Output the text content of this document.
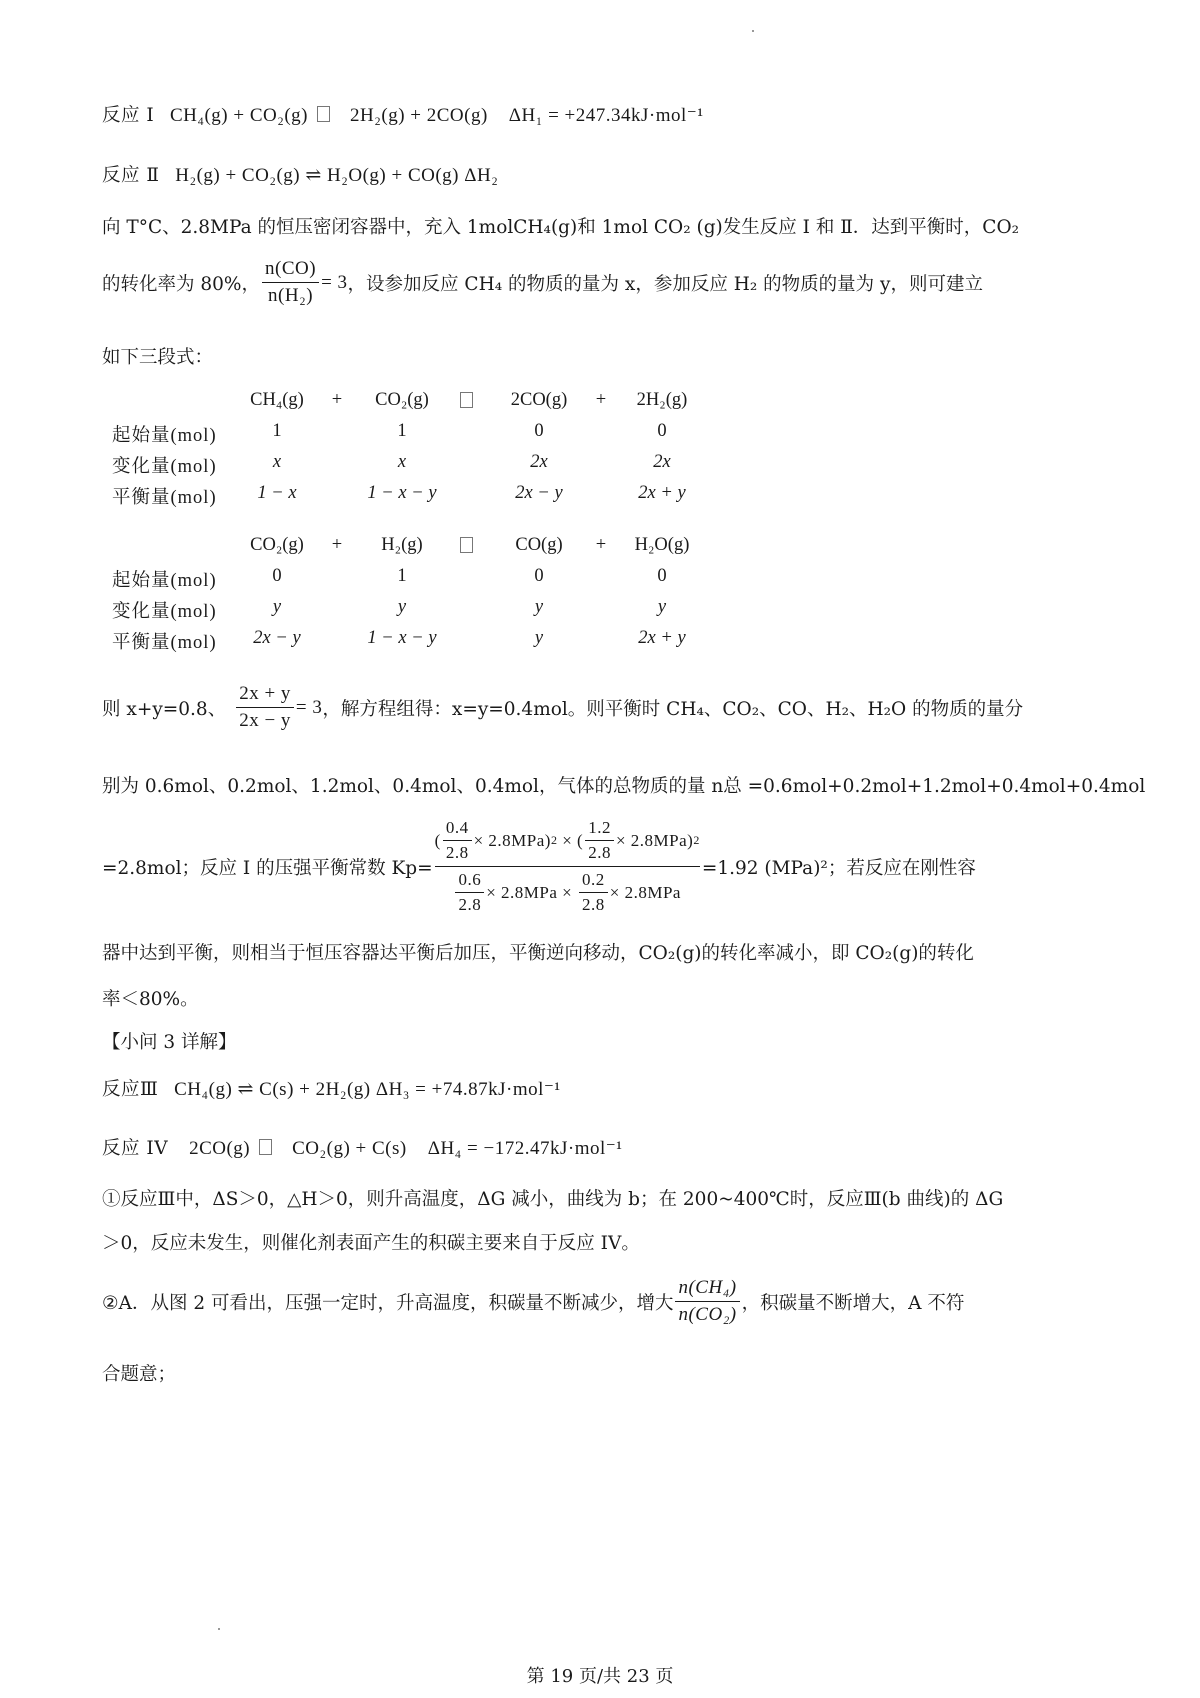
反应 I CH₄(g) + CO₂(g) 2H₂(g) + 2CO(g) ΔH₁ = +247.34kJ·mol⁻¹
反应 Ⅱ H₂(g) + CO₂(g) ⇌ H₂O(g) + CO(g) ΔH₂
向 T°C、2.8MPa 的恒压密闭容器中，充入 1molCH₄(g)和 1mol CO₂ (g)发生反应 I 和 Ⅱ．达到平衡时，CO₂
的转化率为 80%， $\frac{n(CO)}{\text{n(H₂)}} = 3$ ，设参加反应 CH₄ 的物质的量为 x，参加反应 H₂ 的物质的量为 y，则可建立
如下三段式：
CH₄(g)	+	CO₂(g)	2CO(g)	+	2H₂(g)
起始量(mol)	1	1	0	0
变化量(mol)	x	x	2x	2x
平衡量(mol)	1 − x	1 − x − y	2x − y	2x + y
CO₂(g)	+	H₂(g)	CO(g)	+	H₂O(g)
起始量(mol)	0	1	0	0
变化量(mol)	y	y	y	y
平衡量(mol)	2x − y	1 − x − y	y	2x + y
则 x+y=0.8、 $\frac{2x + y}{2x - y} = 3$ ，解方程组得：x=y=0.4mol。则平衡时 CH₄、CO₂、CO、H₂、H₂O 的物质的量分
别为 0.6mol、0.2mol、1.2mol、0.4mol、0.4mol，气体的总物质的量 n总 =0.6mol+0.2mol+1.2mol+0.4mol+0.4mol
=2.8mol；反应 I 的压强平衡常数 $Kp= \frac{( \frac{0.4}{2.8} \times 2.8MPa ) 2 \times ( \frac{1.2}{2.8} \times 2.8MPa ) 2}{\frac{0.6}{2.8} \times 2.8MPa \times \frac{0.2}{2.8} \times 2.8MPa} =1.92$ (MPa)²；若反应在刚性容
器中达到平衡，则相当于恒压容器达平衡后加压，平衡逆向移动，CO₂(g)的转化率减小，即 CO₂(g)的转化
率＜80%。
【小问 3 详解】
反应Ⅲ CH₄(g) ⇌ C(s) + 2H₂(g) ΔH₃ = +74.87kJ·mol⁻¹
反应 IV 2CO(g) CO₂(g) + C(s) ΔH₄ = −172.47kJ·mol⁻¹
①反应Ⅲ中，ΔS＞0，△H＞0，则升高温度，ΔG 减小，曲线为 b；在 200~400℃时，反应Ⅲ(b 曲线)的 ΔG
＞0，反应未发生，则催化剂表面产生的积碳主要来自于反应 IV。
②A．从图 2 可看出，压强一定时，升高温度，积碳量不断减少，增大 $\frac{\text{n(CH₄)}}{\text{n(CO₂)}}$ ，积碳量不断增大，A 不符
合题意；
第 19 页/共 23 页
